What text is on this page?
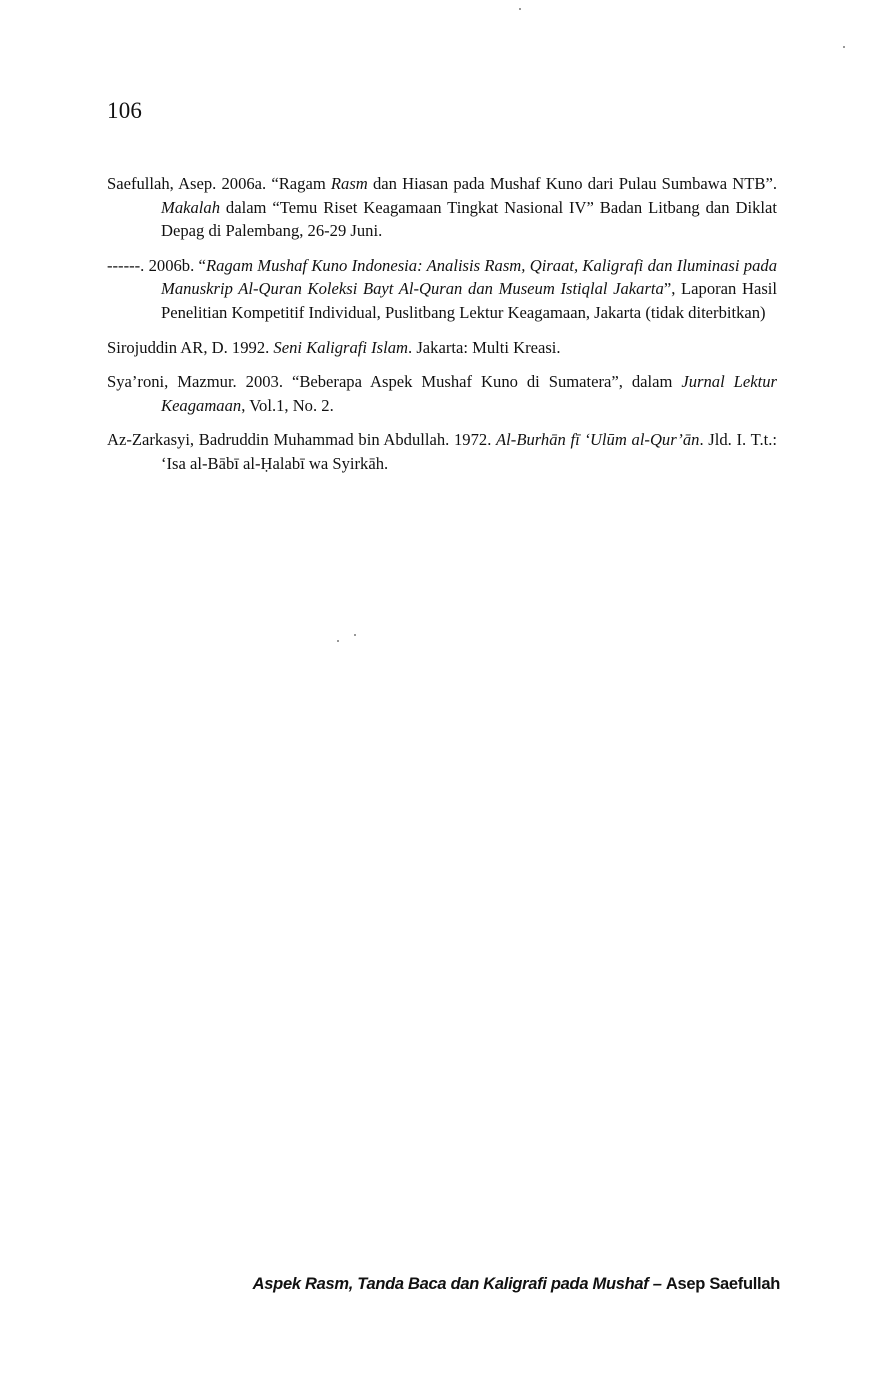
106

Saefullah, Asep. 2006a. “Ragam Rasm dan Hiasan pada Mushaf Kuno dari Pulau Sumbawa NTB”. Makalah dalam “Temu Riset Keagamaan Tingkat Nasional IV” Badan Litbang dan Diklat Depag di Palembang, 26-29 Juni.

------. 2006b. “Ragam Mushaf Kuno Indonesia: Analisis Rasm, Qiraat, Kaligrafi dan Iluminasi pada Manuskrip Al-Quran Koleksi Bayt Al-Quran dan Museum Istiqlal Jakarta”, Laporan Hasil Penelitian Kompetitif Individual, Puslitbang Lektur Keagamaan, Jakarta (tidak diterbitkan)

Sirojuddin AR, D. 1992. Seni Kaligrafi Islam. Jakarta: Multi Kreasi.

Sya’roni, Mazmur. 2003. “Beberapa Aspek Mushaf Kuno di Sumatera”, dalam Jurnal Lektur Keagamaan, Vol.1, No. 2.

Az-Zarkasyi, Badruddin Muhammad bin Abdullah. 1972. Al-Burhān fī ‘Ulūm al-Qur’ān. Jld. I. T.t.: ‘Isa al-Bābī al-Ḥalabī wa Syirkāh.

Aspek Rasm, Tanda Baca dan Kaligrafi pada Mushaf – Asep Saefullah
